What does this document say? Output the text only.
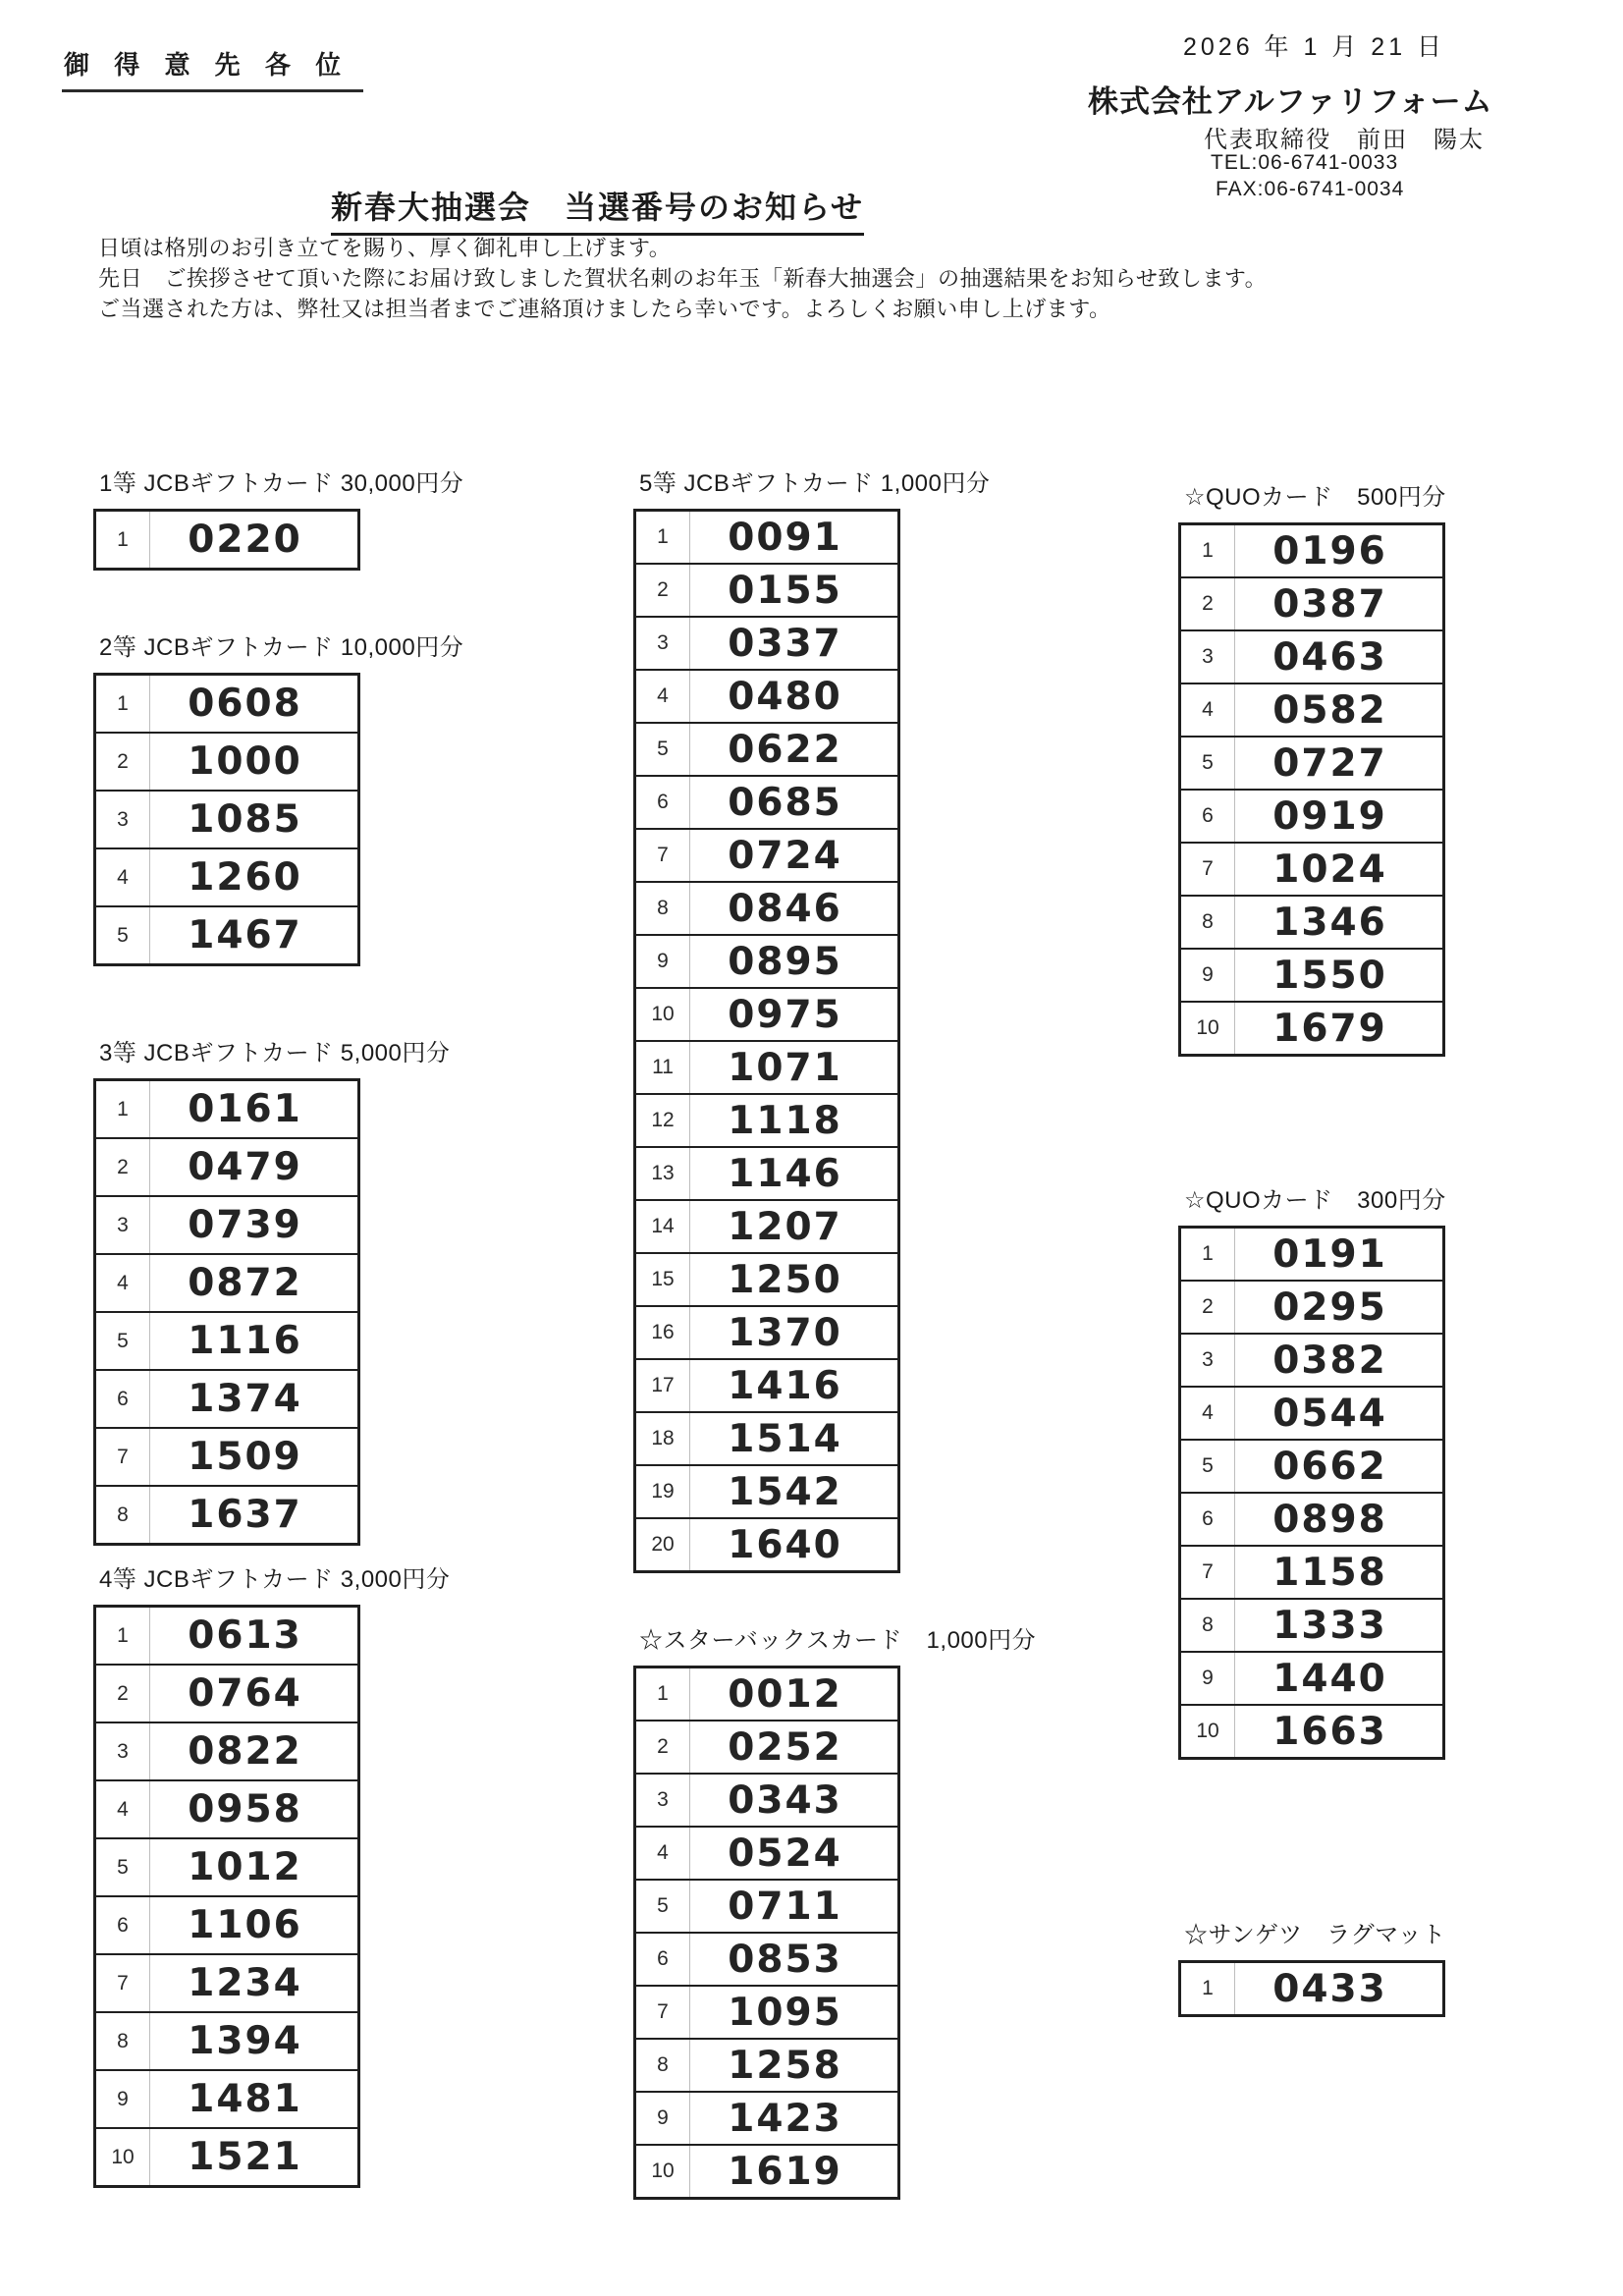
御 得 意 先 各 位
2026 年 1 月 21 日
株式会社アルファリフォーム
代表取締役　前田　陽太
TEL:06-6741-0033
FAX:06-6741-0034
新春大抽選会　当選番号のお知らせ
日頃は格別のお引き立てを賜り、厚く御礼申し上げます。
先日　ご挨拶させて頂いた際にお届け致しました賀状名刺のお年玉「新春大抽選会」の抽選結果をお知らせ致します。
ご当選された方は、弊社又は担当者までご連絡頂けましたら幸いです。よろしくお願い申し上げます。
1等 JCBギフトカード 30,000円分
1	0220
2等 JCBギフトカード 10,000円分
1	0608
2	1000
3	1085
4	1260
5	1467
3等 JCBギフトカード 5,000円分
1	0161
2	0479
3	0739
4	0872
5	1116
6	1374
7	1509
8	1637
4等 JCBギフトカード 3,000円分
1	0613
2	0764
3	0822
4	0958
5	1012
6	1106
7	1234
8	1394
9	1481
10	1521
5等 JCBギフトカード 1,000円分
1	0091
2	0155
3	0337
4	0480
5	0622
6	0685
7	0724
8	0846
9	0895
10	0975
11	1071
12	1118
13	1146
14	1207
15	1250
16	1370
17	1416
18	1514
19	1542
20	1640
☆スターバックスカード　1,000円分
1	0012
2	0252
3	0343
4	0524
5	0711
6	0853
7	1095
8	1258
9	1423
10	1619
☆QUOカード　500円分
1	0196
2	0387
3	0463
4	0582
5	0727
6	0919
7	1024
8	1346
9	1550
10	1679
☆QUOカード　300円分
1	0191
2	0295
3	0382
4	0544
5	0662
6	0898
7	1158
8	1333
9	1440
10	1663
☆サンゲツ　ラグマット
1	0433
